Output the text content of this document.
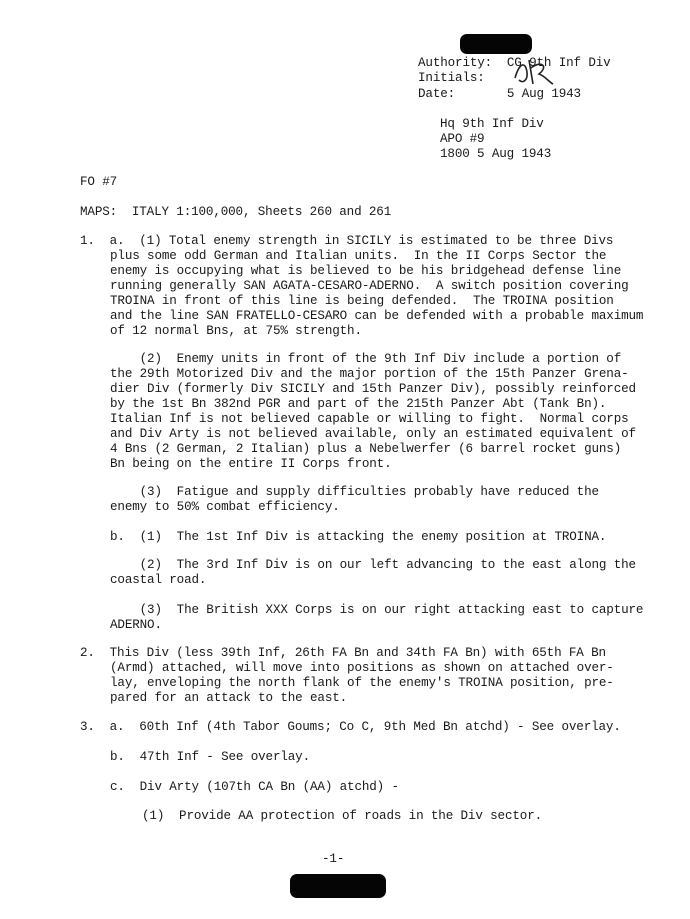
Authority:  CG 9th Inf Div
Initials:
Date:       5 Aug 1943
Hq 9th Inf Div
APO #9
1800 5 Aug 1943
FO #7
MAPS:  ITALY 1:100,000, Sheets 260 and 261
1.  a.  (1) Total enemy strength in SICILY is estimated to be three Divs
plus some odd German and Italian units.  In the II Corps Sector the
enemy is occupying what is believed to be his bridgehead defense line
running generally SAN AGATA-CESARO-ADERNO.  A switch position covering
TROINA in front of this line is being defended.  The TROINA position
and the line SAN FRATELLO-CESARO can be defended with a probable maximum
of 12 normal Bns, at 75% strength.
(2)  Enemy units in front of the 9th Inf Div include a portion of
the 29th Motorized Div and the major portion of the 15th Panzer Grena-
dier Div (formerly Div SICILY and 15th Panzer Div), possibly reinforced
by the 1st Bn 382nd PGR and part of the 215th Panzer Abt (Tank Bn).
Italian Inf is not believed capable or willing to fight.  Normal corps
and Div Arty is not believed available, only an estimated equivalent of
4 Bns (2 German, 2 Italian) plus a Nebelwerfer (6 barrel rocket guns)
Bn being on the entire II Corps front.
(3)  Fatigue and supply difficulties probably have reduced the
enemy to 50% combat efficiency.
b.  (1)  The 1st Inf Div is attacking the enemy position at TROINA.
(2)  The 3rd Inf Div is on our left advancing to the east along the
coastal road.
(3)  The British XXX Corps is on our right attacking east to capture
ADERNO.
2.  This Div (less 39th Inf, 26th FA Bn and 34th FA Bn) with 65th FA Bn
(Armd) attached, will move into positions as shown on attached over-
lay, enveloping the north flank of the enemy's TROINA position, pre-
pared for an attack to the east.
3.  a.  60th Inf (4th Tabor Goums; Co C, 9th Med Bn atchd) - See overlay.
b.  47th Inf - See overlay.
c.  Div Arty (107th CA Bn (AA) atchd) -
(1)  Provide AA protection of roads in the Div sector.
-1-
